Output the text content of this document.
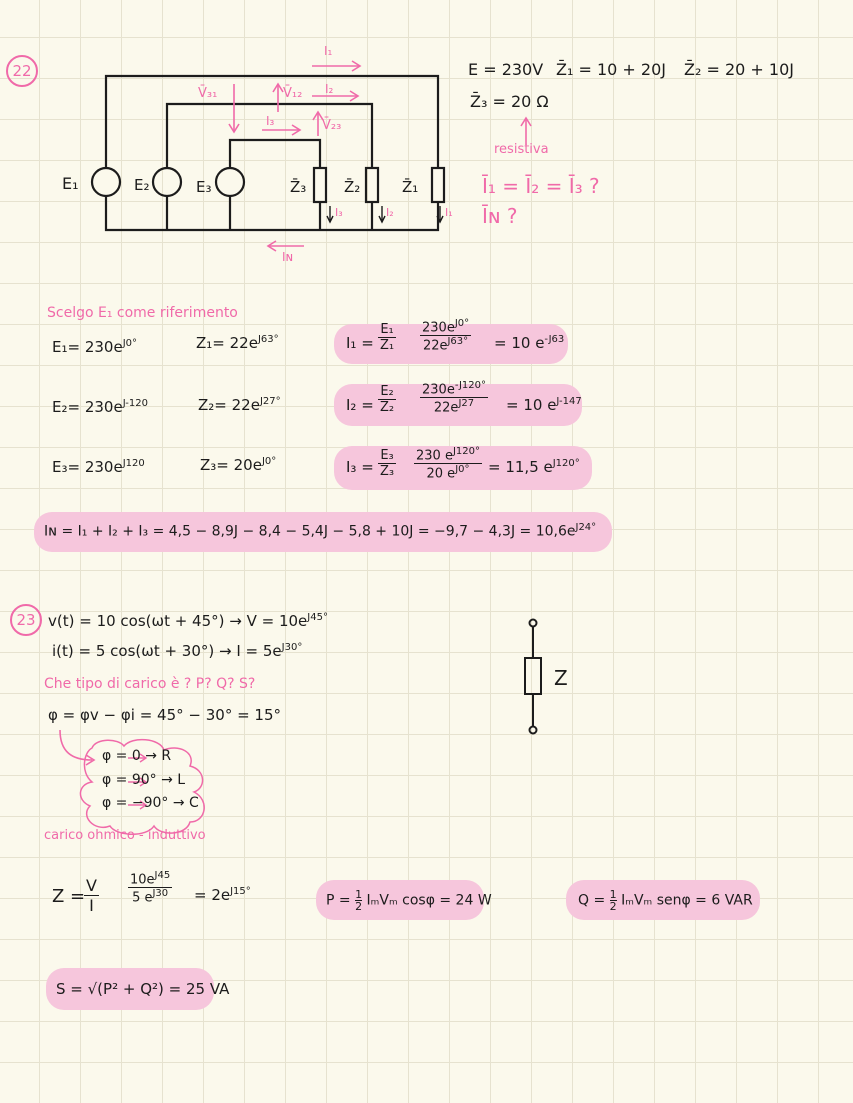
22
E₁	E₂	E₃	Z̄₃	Z̄₂	Z̄₁
I₁
V̄₃₁	V̄₁₂ I₂
I₃	V̄₂₃
I₃	I₂	I₁
Iɴ
E = 230V Z̄₁ = 10 + 20J Z̄₂ = 20 + 10J
Z̄₃ = 20 Ω
resistiva
Ī₁ = Ī₂ = Ī₃ ?
Īɴ ?
Scelgo E₁ come riferimento
$E_1= 230e^{J0^\circ}$	$Z_1= 22e^{J63^\circ}$
$E_2= 230e^{J-120}$	$Z_2= 22e^{J27^\circ}$
$E_3= 230e^{J120}$	$Z_3= 20e^{J0^\circ}$
$I_1 = \frac{\text{E₁}}{\text{Z₁}} \frac{230e^{J0^\circ}}{22e^{J63^\circ}} = 10$ $e^{-J63}$
$I_2 = \frac{\text{E₂}}{\text{Z₂}} \frac{230e^{-J120^\circ}}{22e^{J27}} = 10$ $e^{J-147}$
$I_3 = \frac{\text{E₃}}{\text{Z₃}} \frac{230 e^{J120^\circ}}{20 e^{J0^\circ}} = 11,5$ $e^{J120^\circ}$
Iɴ = $I_1 + I_2 + I_3 = 4,5 - 8,9J - 8,4 - 5,4J - 5,8 + 10J = -9,7 - 4,3J = 10,6e^{J24^\circ}$
23 v(t) = 10 $\cos(\omega t + 45^\circ) \to V = 10e^{J45^\circ}$
i(t) = 5 $\cos(\omega t + 30^\circ) \to I = 5e^{J30^\circ}$
Che tipo di carico è ? P? Q? S?
φ = φv − φi = 45° − 30° = 15°
φ = 0 → R
φ = 90° → L
φ = −90° → C
carico ohmico - induttivo
Z
Z =
$\frac{V}{I} \frac{10e^{J45}}{5 e^{J30}} = 2e^{J15^\circ}$
$P = \frac{1}{2}$ IₘVₘ cosφ = 24 W	$Q = \frac{1}{2}$ IₘVₘ senφ = 6 VAR
S = √(P² + Q²) = 25 VA
